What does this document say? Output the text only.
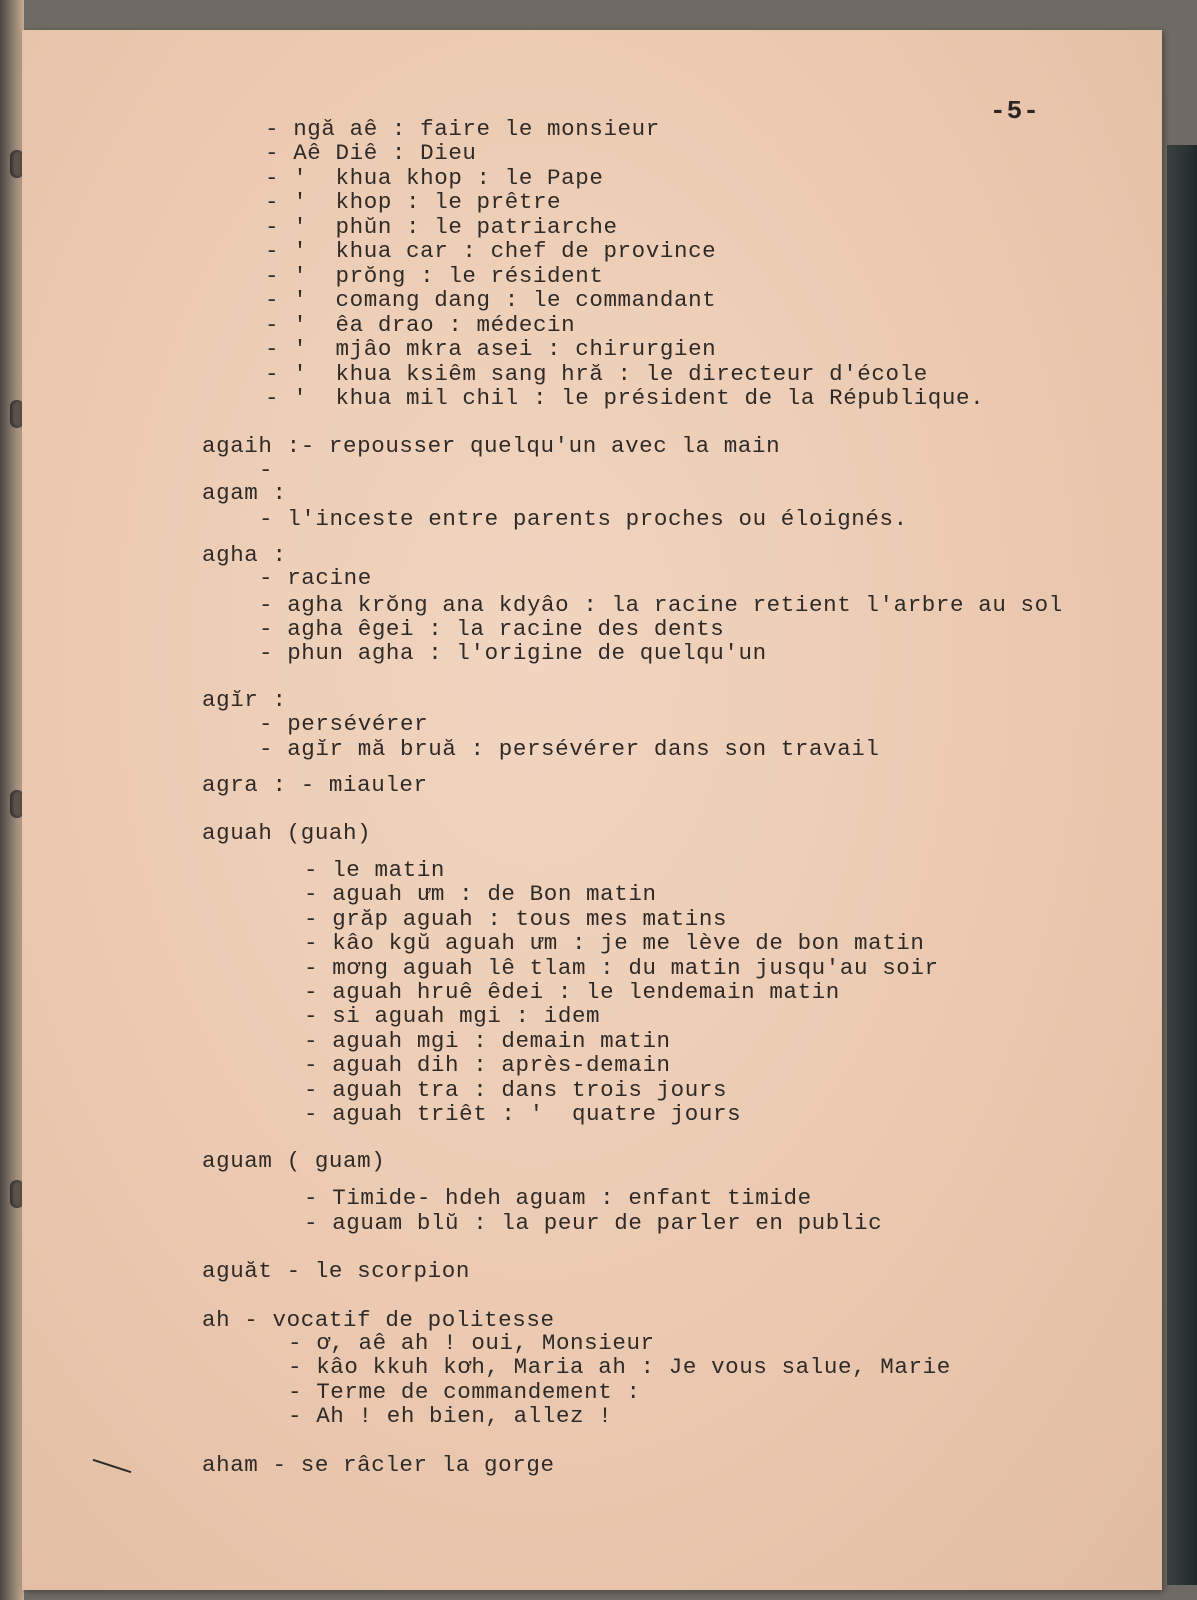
-5-
- ngă aê : faire le monsieur
- Aê Diê : Dieu
- '  khua khop : le Pape
- '  khop : le prêtre
- '  phŭn : le patriarche
- '  khua car : chef de province
- '  prŏng : le résident
- '  comang dang : le commandant
- '  êa drao : médecin
- '  mjâo mkra asei : chirurgien
- '  khua ksiêm sang hră : le directeur d'école
- '  khua mil chil : le président de la République.
agaih :- repousser quelqu'un avec la main
-
agam :
- l'inceste entre parents proches ou éloignés.
agha :
- racine
- agha krŏng ana kdyâo : la racine retient l'arbre au sol
- agha êgei : la racine des dents
- phun agha : l'origine de quelqu'un
agĭr :
- persévérer
- agĭr mă bruă : persévérer dans son travail
agra : - miauler
aguah (guah)
- le matin
- aguah ưm : de Bon matin
- grăp aguah : tous mes matins
- kâo kgŭ aguah ưm : je me lève de bon matin
- mơng aguah lê tlam : du matin jusqu'au soir
- aguah hruê êdei : le lendemain matin
- si aguah mgi : idem
- aguah mgi : demain matin
- aguah dih : après-demain
- aguah tra : dans trois jours
- aguah triêt : '  quatre jours
aguam ( guam)
- Timide- hdeh aguam : enfant timide
- aguam blŭ : la peur de parler en public
aguăt - le scorpion
ah - vocatif de politesse
- ơ, aê ah ! oui, Monsieur
- kâo kkuh kơh, Maria ah : Je vous salue, Marie
- Terme de commandement :
- Ah ! eh bien, allez !
aham - se râcler la gorge
